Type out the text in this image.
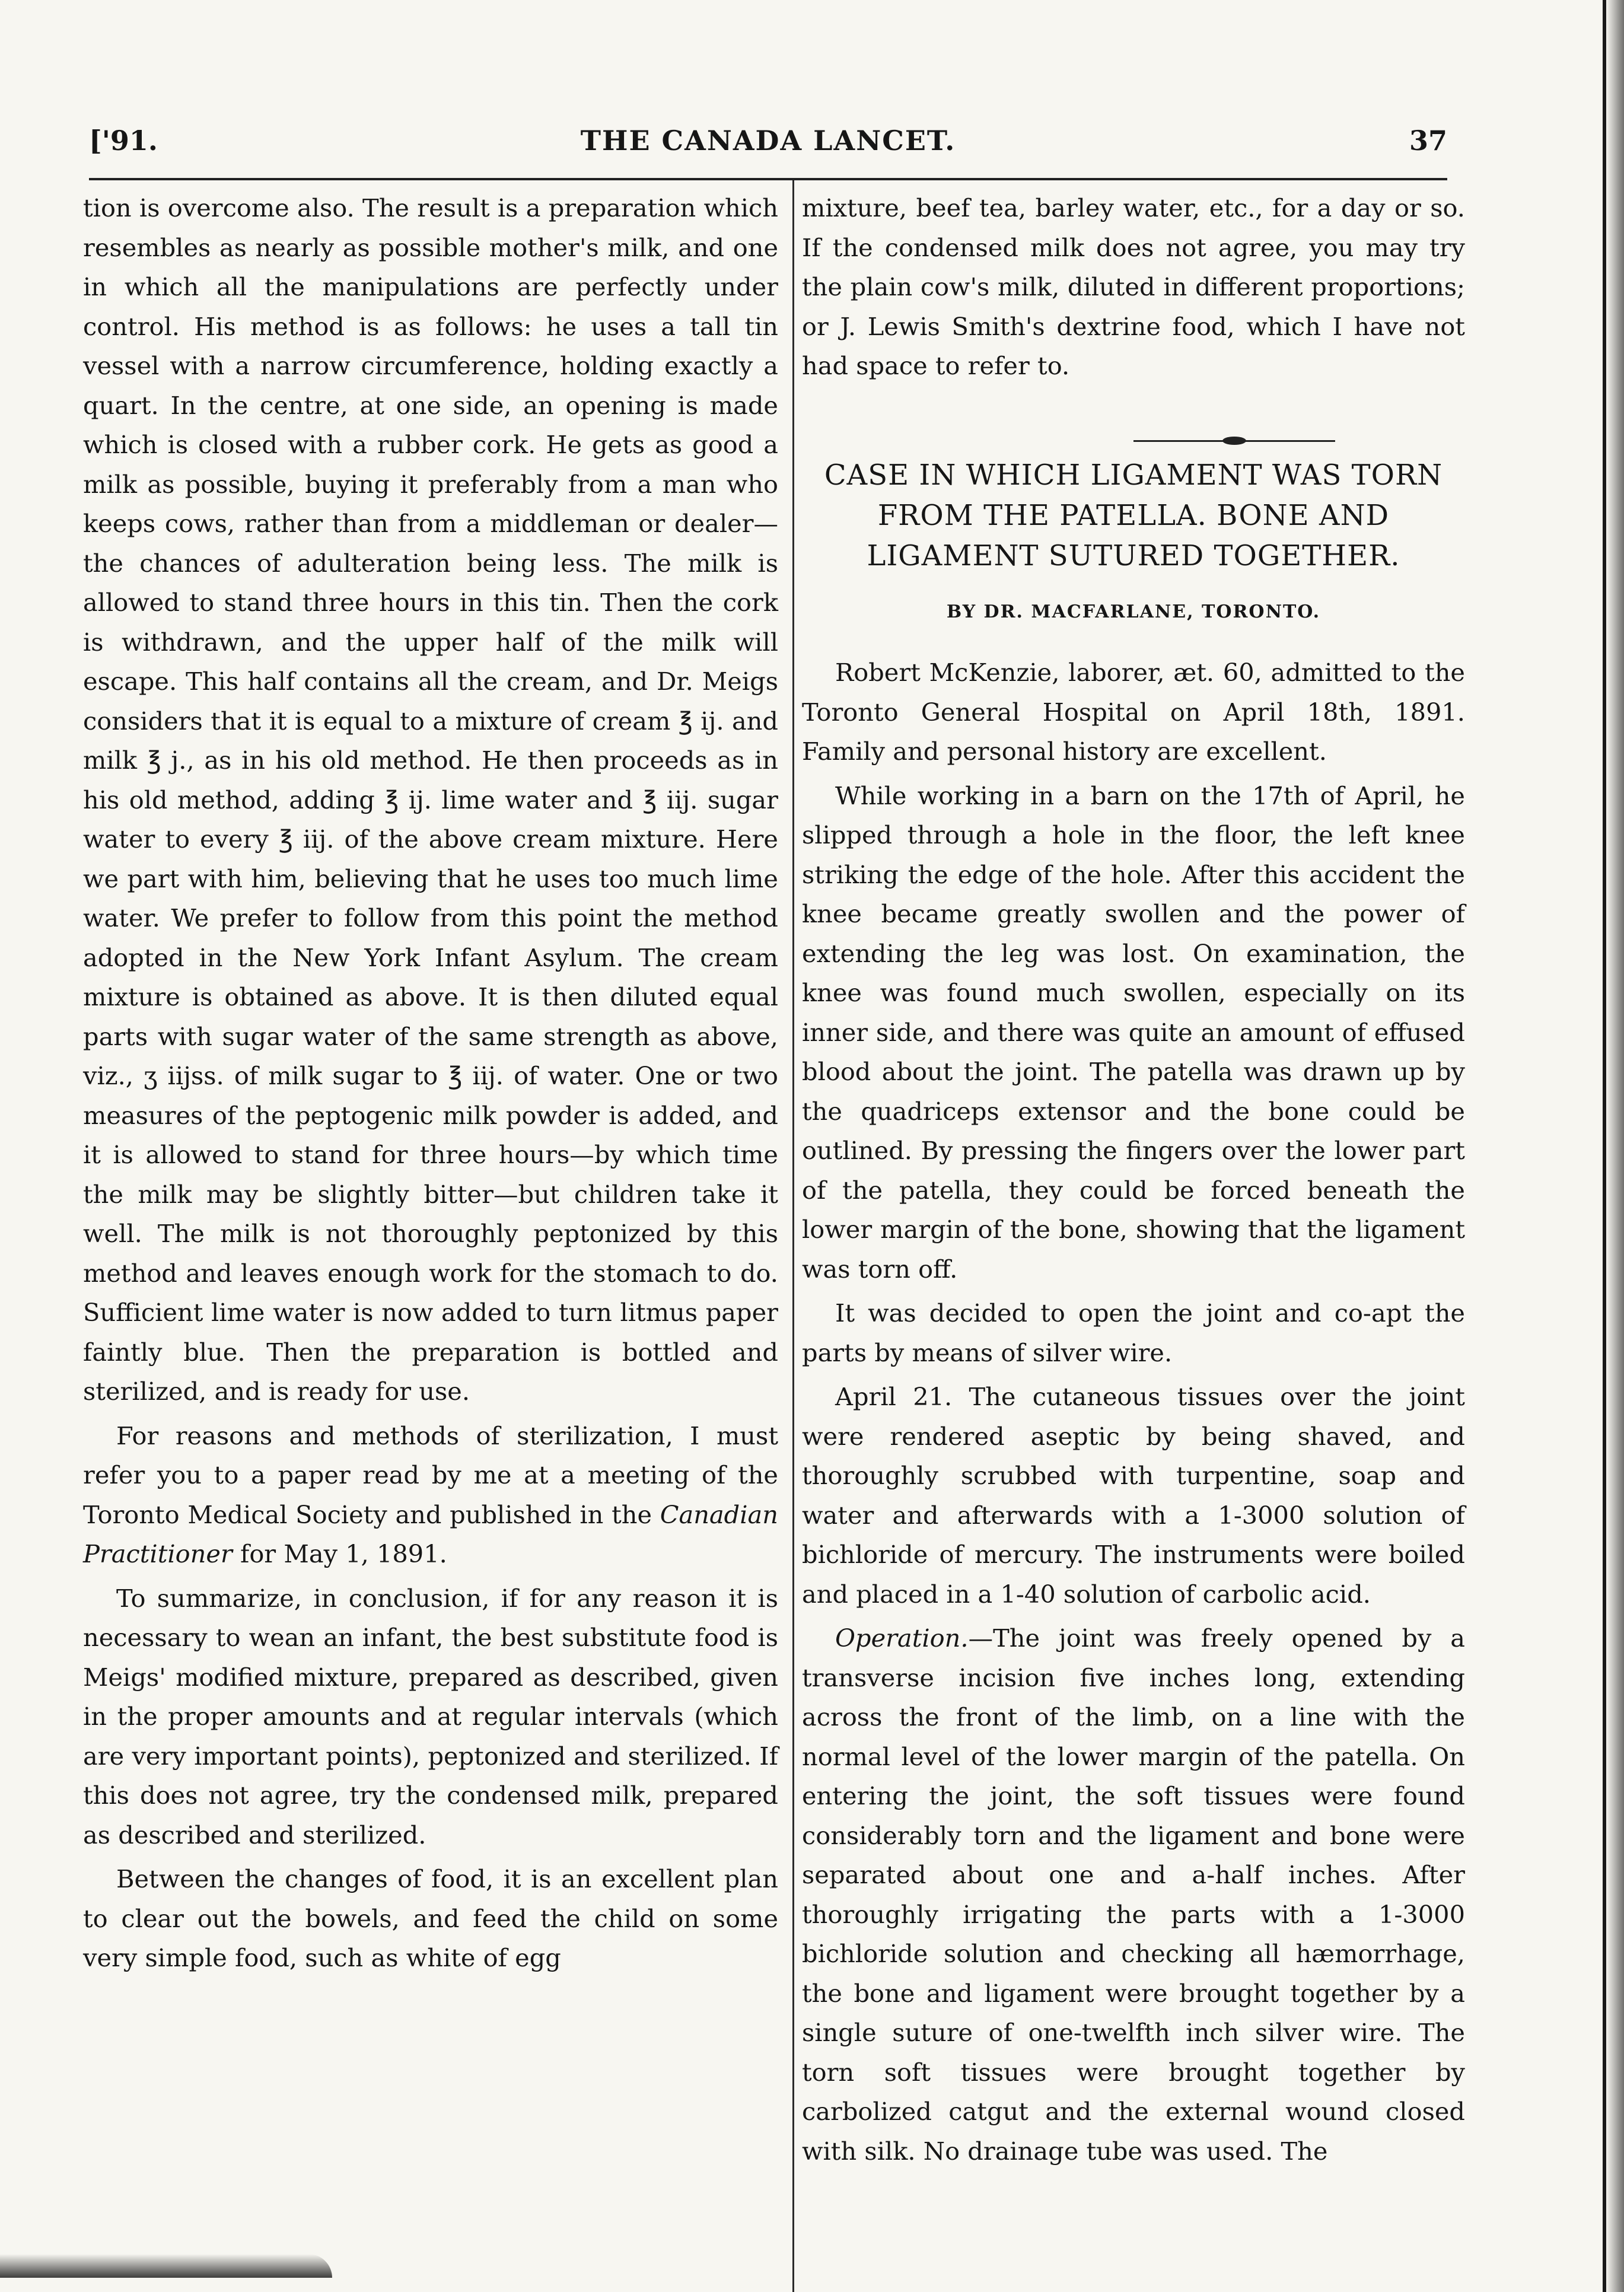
['91.	THE CANADA LANCET.	37

tion is overcome also. The result is a preparation which resembles as nearly as possible mother's milk, and one in which all the manipulations are perfectly under control. His method is as follows: he uses a tall tin vessel with a narrow circumference, holding exactly a quart. In the centre, at one side, an opening is made which is closed with a rubber cork. He gets as good a milk as possible, buying it preferably from a man who keeps cows, rather than from a middleman or dealer—the chances of adulteration being less. The milk is allowed to stand three hours in this tin. Then the cork is withdrawn, and the upper half of the milk will escape. This half contains all the cream, and Dr. Meigs considers that it is equal to a mixture of cream ℥ ij. and milk ℥ j., as in his old method. He then proceeds as in his old method, adding ℥ ij. lime water and ℥ iij. sugar water to every ℥ iij. of the above cream mixture. Here we part with him, believing that he uses too much lime water. We prefer to follow from this point the method adopted in the New York Infant Asylum. The cream mixture is obtained as above. It is then diluted equal parts with sugar water of the same strength as above, viz., ʒ iijss. of milk sugar to ℥ iij. of water. One or two measures of the peptogenic milk powder is added, and it is allowed to stand for three hours—by which time the milk may be slightly bitter—but children take it well. The milk is not thoroughly peptonized by this method and leaves enough work for the stomach to do. Sufficient lime water is now added to turn litmus paper faintly blue. Then the preparation is bottled and sterilized, and is ready for use.

For reasons and methods of sterilization, I must refer you to a paper read by me at a meeting of the Toronto Medical Society and published in the Canadian Practitioner for May 1, 1891.

To summarize, in conclusion, if for any reason it is necessary to wean an infant, the best substitute food is Meigs' modified mixture, prepared as described, given in the proper amounts and at regular intervals (which are very important points), peptonized and sterilized. If this does not agree, try the condensed milk, prepared as described and sterilized.

Between the changes of food, it is an excellent plan to clear out the bowels, and feed the child on some very simple food, such as white of egg

mixture, beef tea, barley water, etc., for a day or so. If the condensed milk does not agree, you may try the plain cow's milk, diluted in different proportions; or J. Lewis Smith's dextrine food, which I have not had space to refer to.

CASE IN WHICH LIGAMENT WAS TORN FROM THE PATELLA. BONE AND LIGAMENT SUTURED TOGETHER.
BY DR. MACFARLANE, TORONTO.

Robert McKenzie, laborer, æt. 60, admitted to the Toronto General Hospital on April 18th, 1891. Family and personal history are excellent.

While working in a barn on the 17th of April, he slipped through a hole in the floor, the left knee striking the edge of the hole. After this accident the knee became greatly swollen and the power of extending the leg was lost. On examination, the knee was found much swollen, especially on its inner side, and there was quite an amount of effused blood about the joint. The patella was drawn up by the quadriceps extensor and the bone could be outlined. By pressing the fingers over the lower part of the patella, they could be forced beneath the lower margin of the bone, showing that the ligament was torn off.

It was decided to open the joint and co-apt the parts by means of silver wire.

April 21. The cutaneous tissues over the joint were rendered aseptic by being shaved, and thoroughly scrubbed with turpentine, soap and water and afterwards with a 1-3000 solution of bichloride of mercury. The instruments were boiled and placed in a 1-40 solution of carbolic acid.

Operation.—The joint was freely opened by a transverse incision five inches long, extending across the front of the limb, on a line with the normal level of the lower margin of the patella. On entering the joint, the soft tissues were found considerably torn and the ligament and bone were separated about one and a-half inches. After thoroughly irrigating the parts with a 1-3000 bichloride solution and checking all hæmorrhage, the bone and ligament were brought together by a single suture of one-twelfth inch silver wire. The torn soft tissues were brought together by carbolized catgut and the external wound closed with silk. No drainage tube was used. The
